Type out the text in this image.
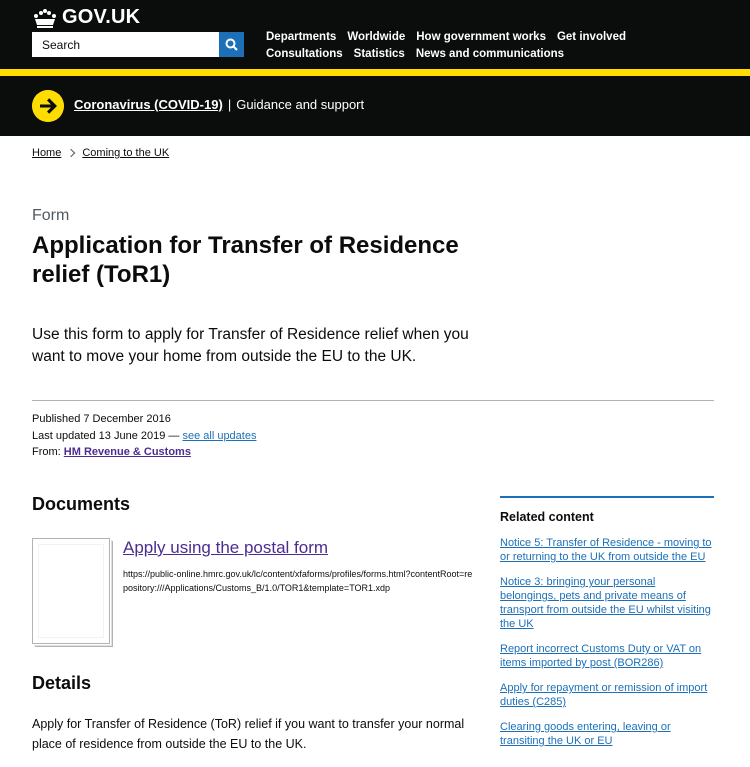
GOV.UK
Search
Departments Worldwide How government works Get involved
Consultations Statistics News and communications
Coronavirus (COVID-19) | Guidance and support
Home Coming to the UK
Form
Application for Transfer of Residence relief (ToR1)

Use this form to apply for Transfer of Residence relief when you want to move your home from outside the EU to the UK.

Published 7 December 2016
Last updated 13 June 2019 — see all updates
From: HM Revenue & Customs
Documents
Apply using the postal form
https://public-online.hmrc.gov.uk/lc/content/xfaforms/profiles/forms.html?contentRoot=repository:///Applications/Customs_B/1.0/TOR1&template=TOR1.xdp
Details

Apply for Transfer of Residence (ToR) relief if you want to transfer your normal place of residence from outside the EU to the UK.

Related content
Notice 5: Transfer of Residence - moving to or returning to the UK from outside the EU
Notice 3: bringing your personal belongings, pets and private means of transport from outside the EU whilst visiting the UK
Report incorrect Customs Duty or VAT on items imported by post (BOR286)
Apply for repayment or remission of import duties (C285)
Clearing goods entering, leaving or transiting the UK or EU
